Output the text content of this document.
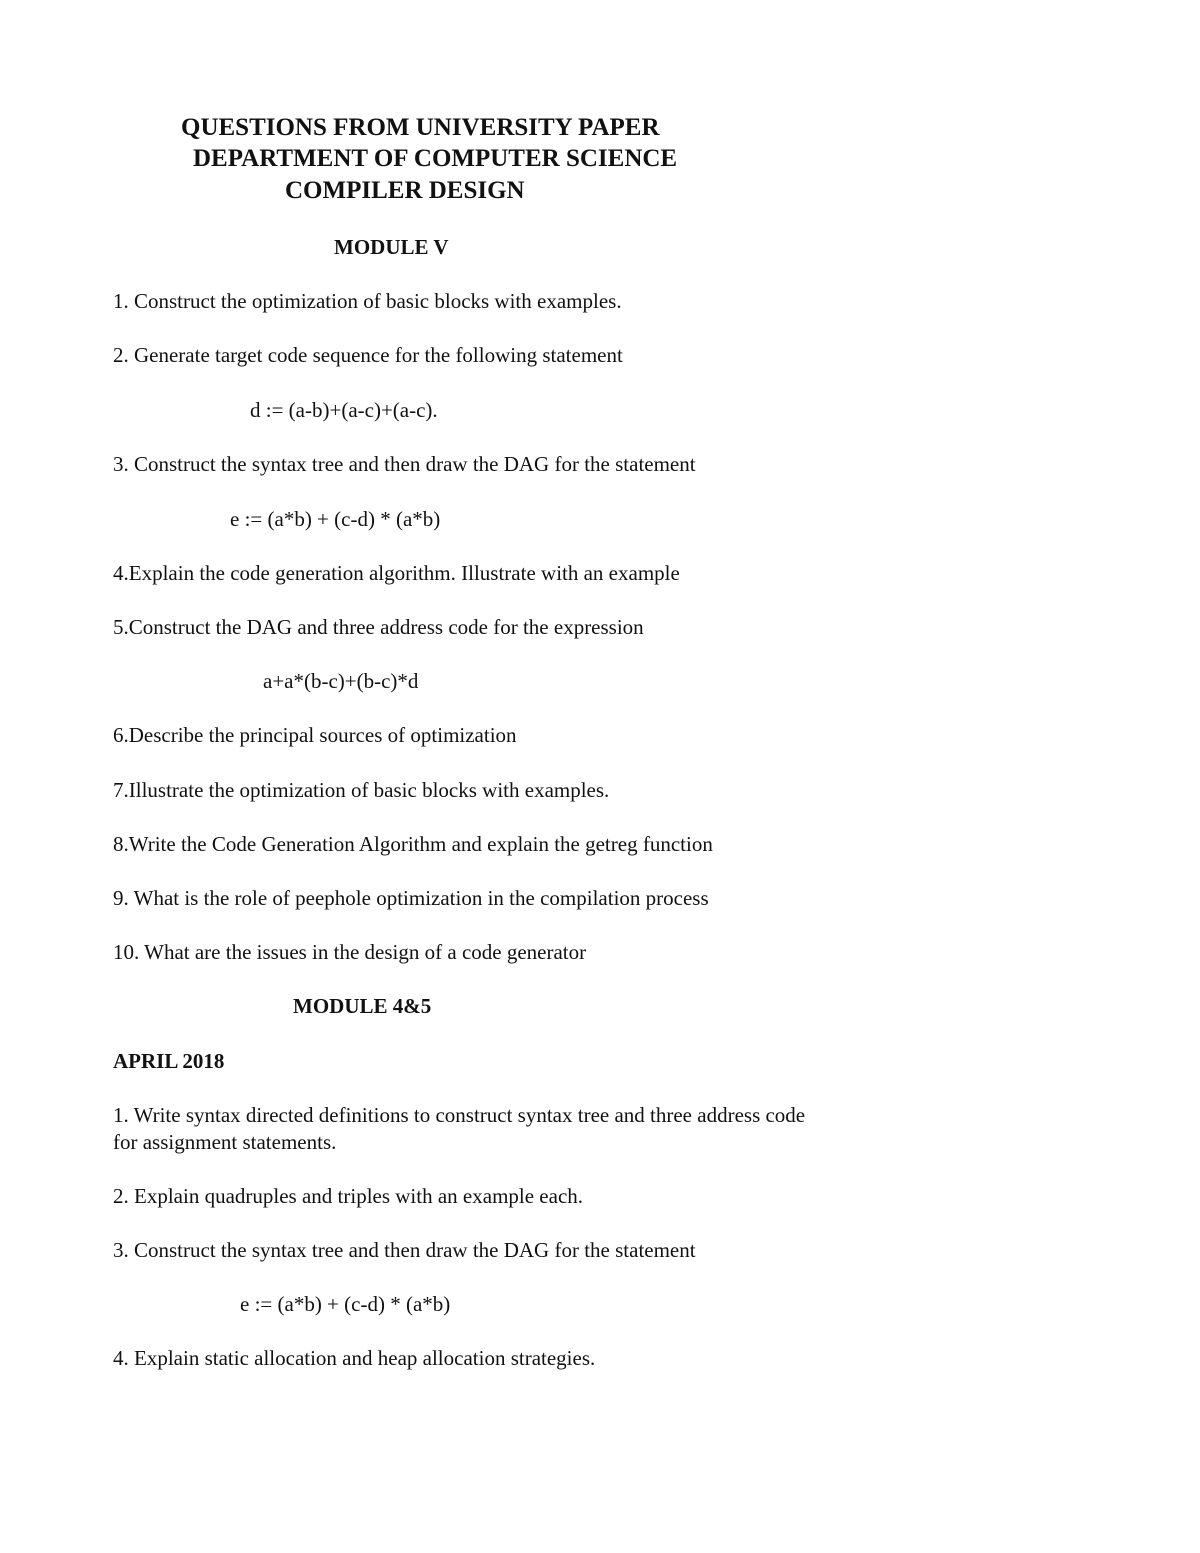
QUESTIONS FROM UNIVERSITY PAPER
DEPARTMENT OF COMPUTER SCIENCE
COMPILER DESIGN
MODULE V
1. Construct the optimization of basic blocks with examples.
2. Generate target code sequence for the following statement
d := (a-b)+(a-c)+(a-c).
3. Construct the syntax tree and then draw the DAG for the statement
e := (a*b) + (c-d) * (a*b)
4.Explain the code generation algorithm. Illustrate with an example
5.Construct the DAG and three address code for the expression
a+a*(b-c)+(b-c)*d
6.Describe the principal sources of optimization
7.Illustrate the optimization of basic blocks with examples.
8.Write the Code Generation Algorithm and explain the getreg function
9. What is the role of peephole optimization in the compilation process
10. What are the issues in the design of a code generator
MODULE 4&5
APRIL 2018
1. Write syntax directed definitions to construct syntax tree and three address code
for assignment statements.
2. Explain quadruples and triples with an example each.
3. Construct the syntax tree and then draw the DAG for the statement
e := (a*b) + (c-d) * (a*b)
4. Explain static allocation and heap allocation strategies.
